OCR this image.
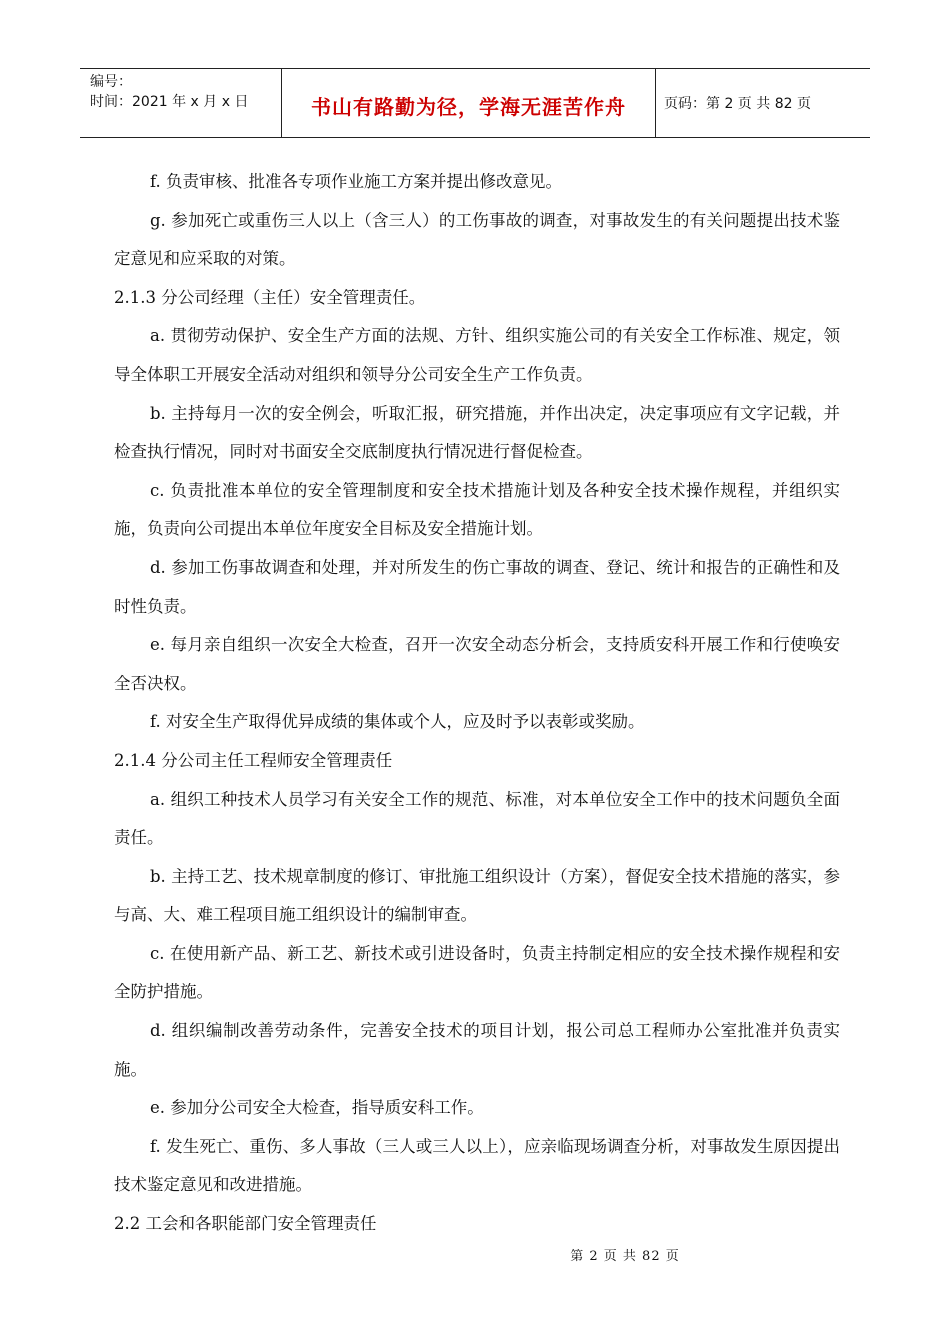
编号：
时间：2021 年 x 月 x 日	书山有路勤为径，学海无涯苦作舟	页码：第 2 页 共 82 页

f. 负责审核、批准各专项作业施工方案并提出修改意见。

g. 参加死亡或重伤三人以上（含三人）的工伤事故的调查，对事故发生的有关问题提出技术鉴定意见和应采取的对策。

2.1.3 分公司经理（主任）安全管理责任。

a. 贯彻劳动保护、安全生产方面的法规、方针、组织实施公司的有关安全工作标准、规定，领导全体职工开展安全活动对组织和领导分公司安全生产工作负责。

b. 主持每月一次的安全例会，听取汇报，研究措施，并作出决定，决定事项应有文字记载，并检查执行情况，同时对书面安全交底制度执行情况进行督促检查。

c. 负责批准本单位的安全管理制度和安全技术措施计划及各种安全技术操作规程，并组织实施，负责向公司提出本单位年度安全目标及安全措施计划。

d. 参加工伤事故调查和处理，并对所发生的伤亡事故的调查、登记、统计和报告的正确性和及时性负责。

e. 每月亲自组织一次安全大检查，召开一次安全动态分析会，支持质安科开展工作和行使唤安全否决权。

f. 对安全生产取得优异成绩的集体或个人，应及时予以表彰或奖励。

2.1.4 分公司主任工程师安全管理责任

a. 组织工种技术人员学习有关安全工作的规范、标准，对本单位安全工作中的技术问题负全面责任。

b. 主持工艺、技术规章制度的修订、审批施工组织设计（方案），督促安全技术措施的落实，参与高、大、难工程项目施工组织设计的编制审查。

c. 在使用新产品、新工艺、新技术或引进设备时，负责主持制定相应的安全技术操作规程和安全防护措施。

d. 组织编制改善劳动条件，完善安全技术的项目计划，报公司总工程师办公室批准并负责实施。

e. 参加分公司安全大检查，指导质安科工作。

f. 发生死亡、重伤、多人事故（三人或三人以上），应亲临现场调查分析，对事故发生原因提出技术鉴定意见和改进措施。

2.2 工会和各职能部门安全管理责任

第 2 页 共 82 页
